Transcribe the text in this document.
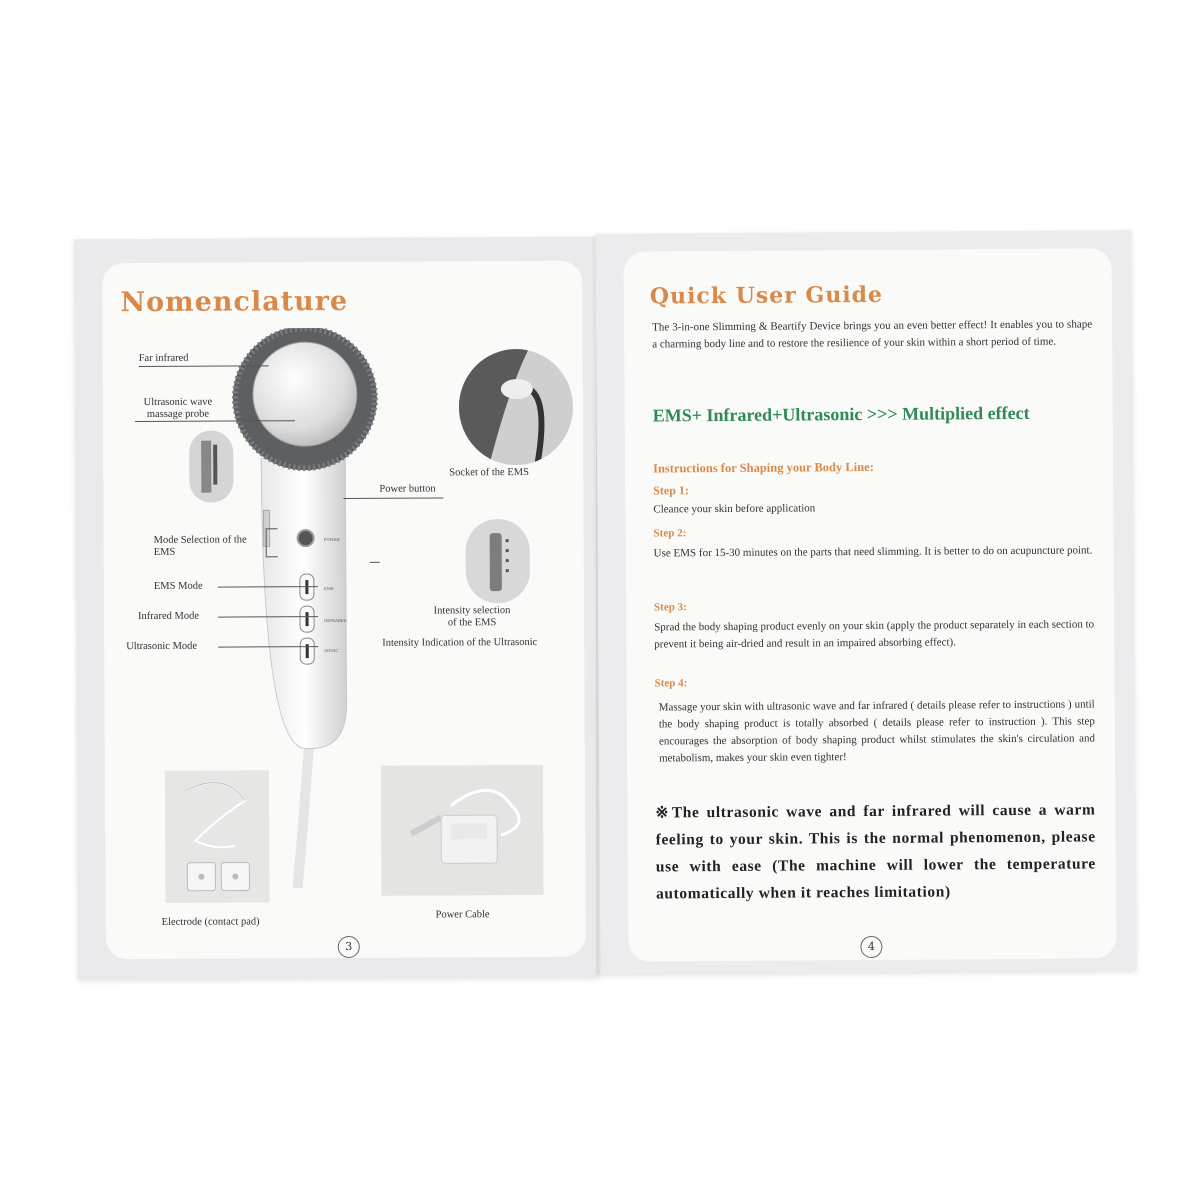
Nomenclature
POWER
EMS
INFRARED
SONIC
Far infrared
Ultrasonic wave
massage probe
Socket of the EMS
Power button
Mode Selection of the
EMS
EMS Mode
Infrared Mode
Ultrasonic Mode
Intensity selection
of the EMS
Intensity Indication of the Ultrasonic
Electrode (contact pad)
Power Cable
3
Quick User Guide
The 3-in-one Slimming & Beartify Device brings you an even better effect! It enables you to shape a charming body line and to restore the resilience of your skin within a short period of time.
EMS+ Infrared+Ultrasonic >>> Multiplied effect
Instructions for Shaping your Body Line:
Step 1:
Cleance your skin before application
Step 2:
Use EMS for 15-30 minutes on the parts that need slimming. It is better to do on acupuncture point.
Step 3:
Sprad the body shaping product evenly on your skin (apply the product separately in each section to prevent it being air-dried and result in an impaired absorbing effect).
Step 4:
Massage your skin with ultrasonic wave and far infrared ( details please refer to instructions ) until the body shaping product is totally absorbed ( details please refer to instruction ). This step encourages the absorption of body shaping product whilst stimulates the skin's circulation and metabolism, makes your skin even tighter!
※The ultrasonic wave and far infrared will cause a warm feeling to your skin. This is the normal phenomenon, please use with ease (The machine will lower the temperature automatically when it reaches limitation)
4
